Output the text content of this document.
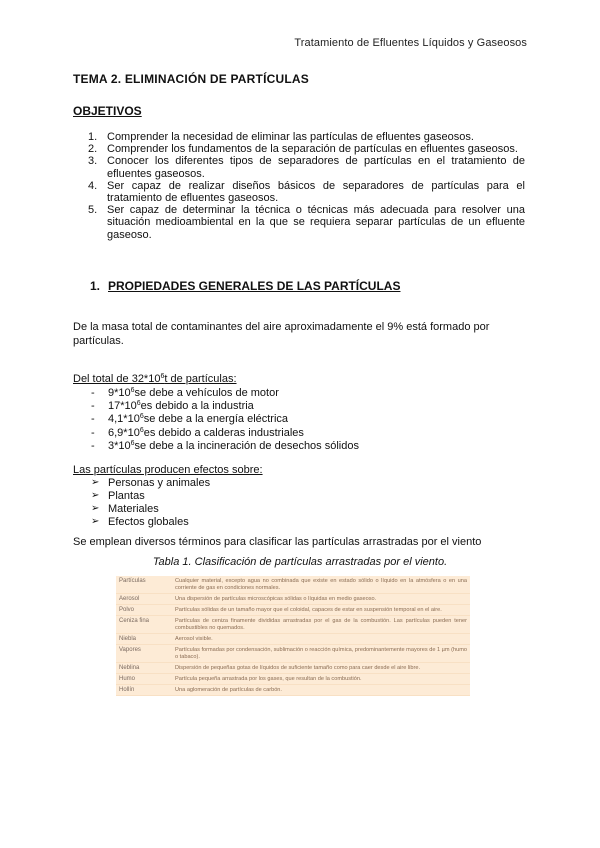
Tratamiento de Efluentes Líquidos y Gaseosos
TEMA 2. ELIMINACIÓN DE PARTÍCULAS
OBJETIVOS
1. Comprender la necesidad de eliminar las partículas de efluentes gaseosos.
2. Comprender los fundamentos de la separación de partículas en efluentes gaseosos.
3. Conocer los diferentes tipos de separadores de partículas en el tratamiento de efluentes gaseosos.
4. Ser capaz de realizar diseños básicos de separadores de partículas para el tratamiento de efluentes gaseosos.
5. Ser capaz de determinar la técnica o técnicas más adecuada para resolver una situación medioambiental en la que se requiera separar partículas de un efluente gaseoso.
1. PROPIEDADES GENERALES DE LAS PARTÍCULAS

De la masa total de contaminantes del aire aproximadamente el 9% está formado por partículas.

Del total de $32*10^6t$ de partículas:
- $9*10^6se$ debe a vehículos de motor
- $17*10^6es$ debido a la industria
- $4,1*10^6se$ debe a la energía eléctrica
- $6,9*10^6es$ debido a calderas industriales
- $3*10^6se$ debe a la incineración de desechos sólidos
Las partículas producen efectos sobre:
➢ Personas y animales
➢ Plantas
➢ Materiales
➢ Efectos globales

Se emplean diversos términos para clasificar las partículas arrastradas por el viento

Tabla 1. Clasificación de partículas arrastradas por el viento.
Partículas	Cualquier material, excepto agua no combinada que existe en estado sólido o líquido en la atmósfera o en una corriente de gas en condiciones normales.
Aerosol	Una dispersión de partículas microscópicas sólidas o líquidas en medio gaseoso.
Polvo	Partículas sólidas de un tamaño mayor que el coloidal, capaces de estar en suspensión temporal en el aire.
Ceniza fina	Partículas de ceniza finamente divididas arrastradas por el gas de la combustión. Las partículas pueden tener combustibles no quemados.
Niebla	Aerosol visible.
Vapores	Partículas formadas por condensación, sublimación o reacción química, predominantemente mayores de 1 µm (humo o tabaco).
Neblina	Dispersión de pequeñas gotas de líquidos de suficiente tamaño como para caer desde el aire libre.
Humo	Partícula pequeña arrastrada por los gases, que resultan de la combustión.
Hollín	Una aglomeración de partículas de carbón.
